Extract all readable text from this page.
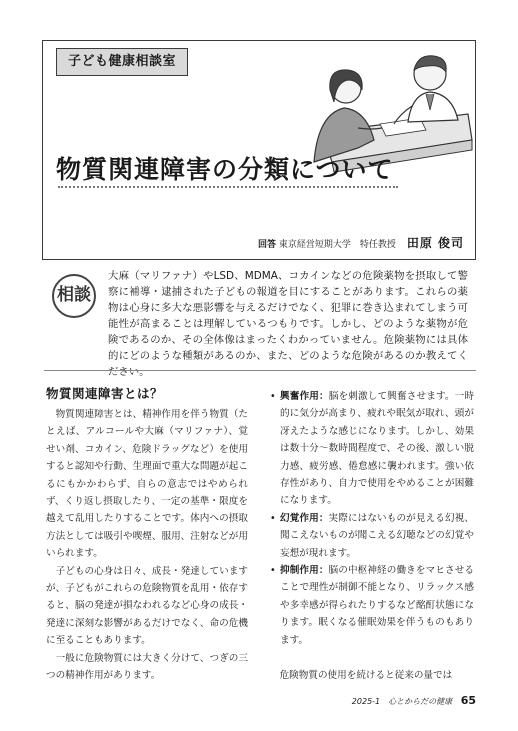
子ども健康相談室
物質関連障害の分類について
回答 東京経営短期大学　特任教授 田原 俊司
相談
大麻（マリファナ）やLSD、MDMA、コカインなどの危険薬物を摂取して警察に補導・逮捕された子どもの報道を目にすることがあります。これらの薬物は心身に多大な悪影響を与えるだけでなく、犯罪に巻き込まれてしまう可能性が高まることは理解しているつもりです。しかし、どのような薬物が危険であるのか、その全体像はまったくわかっていません。危険薬物には具体的にどのような種類があるのか、また、どのような危険があるのか教えてください。
物質関連障害とは？

物質関連障害とは、精神作用を伴う物質（たとえば、アルコールや大麻（マリファナ）、覚せい剤、コカイン、危険ドラッグなど）を使用すると認知や行動、生理面で重大な問題が起こるにもかかわらず、自らの意志ではやめられず、くり返し摂取したり、一定の基準・限度を越えて乱用したりすることです。体内への摂取方法としては吸引や喫煙、服用、注射などが用いられます。

子どもの心身は日々、成長・発達していますが、子どもがこれらの危険物質を乱用・依存すると、脳の発達が損なわれるなど心身の成長・発達に深刻な影響があるだけでなく、命の危機に至ることもあります。

一般に危険物質には大きく分けて、つぎの三つの精神作用があります。

• 興奮作用：脳を刺激して興奮させます。一時的に気分が高まり、疲れや眠気が取れ、頭が冴えたような感じになります。しかし、効果は数十分～数時間程度で、その後、激しい脱力感、疲労感、倦怠感に襲われます。強い依存性があり、自力で使用をやめることが困難になります。
• 幻覚作用：実際にはないものが見える幻視、聞こえないものが聞こえる幻聴などの幻覚や妄想が現れます。
• 抑制作用：脳の中枢神経の働きをマヒさせることで理性が制御不能となり、リラックス感や多幸感が得られたりするなど酩酊状態になります。眠くなる催眠効果を伴うものもあります。
危険物質の使用を続けると従来の量では
2025-1　心とからだの健康 65
